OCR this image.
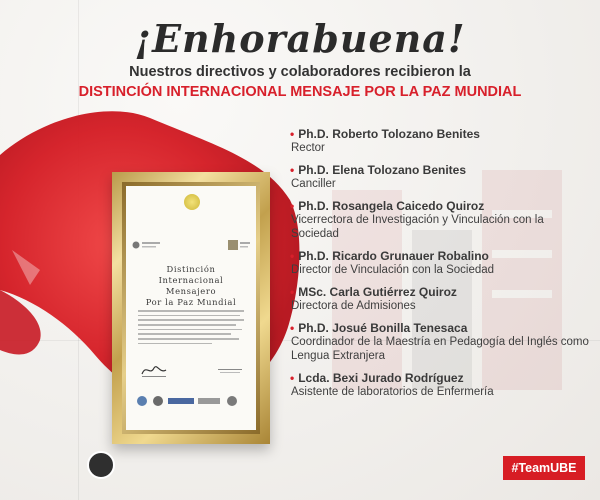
¡Enhorabuena!
Nuestros directivos y colaboradores recibieron la
DISTINCIÓN INTERNACIONAL MENSAJE POR LA PAZ MUNDIAL
Distinción
Internacional
Mensajero
Por la Paz Mundial
• Ph.D. Roberto Tolozano Benites
Rector
• Ph.D. Elena Tolozano Benites
Canciller
• Ph.D. Rosangela Caicedo Quiroz
Vicerrectora de Investigación y Vinculación con la Sociedad
• Ph.D. Ricardo Grunauer Robalino
Director de Vinculación con la Sociedad
• MSc. Carla Gutiérrez Quiroz
Directora de Admisiones
• Ph.D. Josué Bonilla Tenesaca
Coordinador de la Maestría en Pedagogía del Inglés como Lengua Extranjera
• Lcda. Bexi Jurado Rodríguez
Asistente de laboratorios de Enfermería
#TeamUBE
